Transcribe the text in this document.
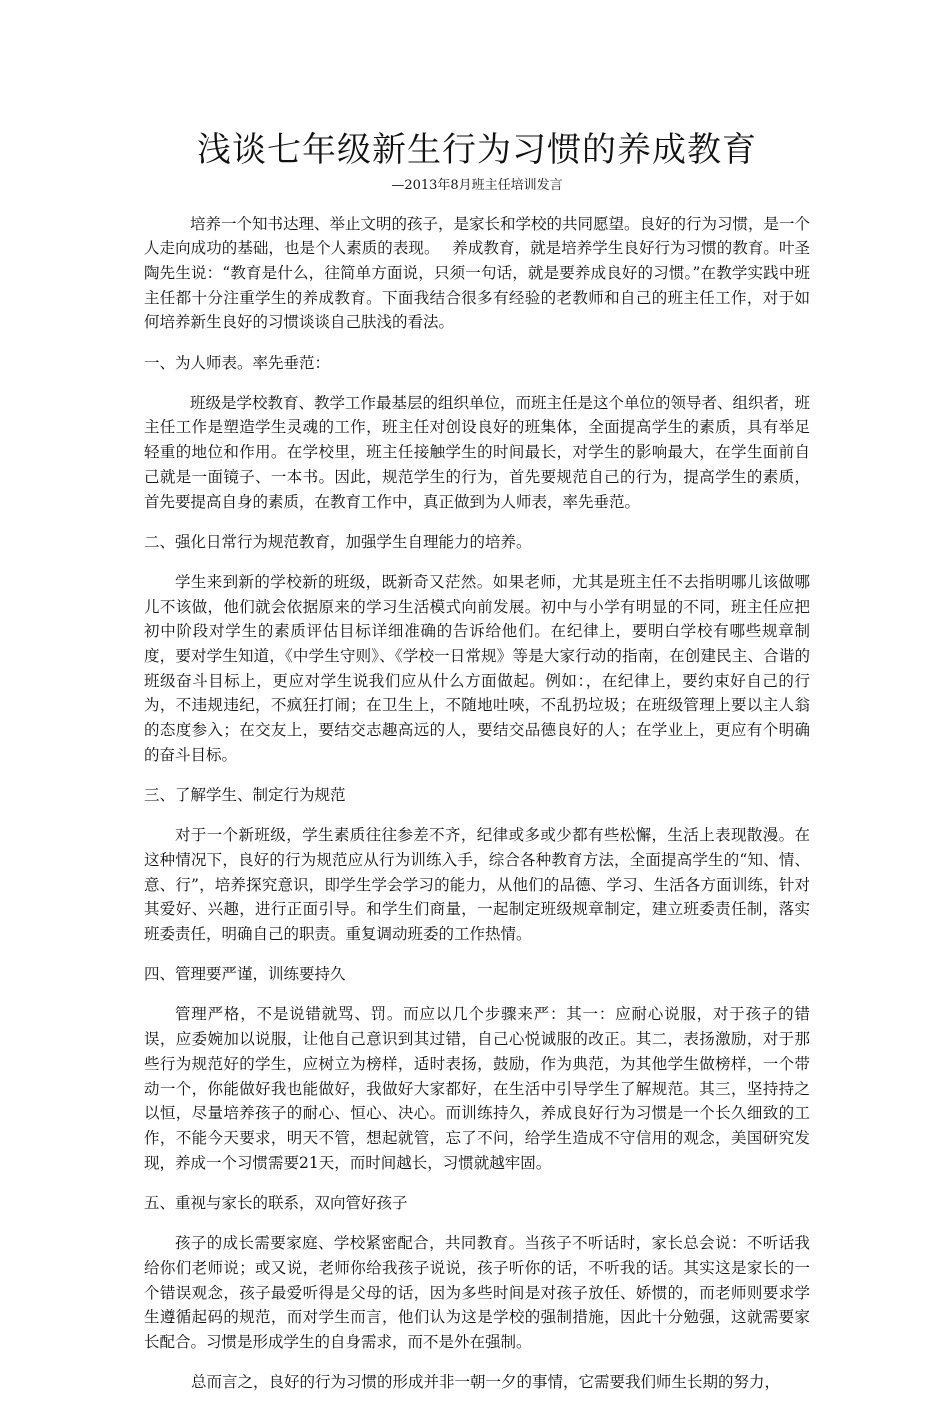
浅谈七年级新生行为习惯的养成教育

—2013年8月班主任培训发言

培养一个知书达理、举止文明的孩子，是家长和学校的共同愿望。良好的行为习惯，是一个人走向成功的基础，也是个人素质的表现。　 养成教育，就是培养学生良好行为习惯的教育。叶圣陶先生说：“教育是什么，往简单方面说，只须一句话，就是要养成良好的习惯。”在教学实践中班主任都十分注重学生的养成教育。下面我结合很多有经验的老教师和自己的班主任工作，对于如何培养新生良好的习惯谈谈自己肤浅的看法。

一、为人师表。率先垂范：

班级是学校教育、教学工作最基层的组织单位，而班主任是这个单位的领导者、组织者，班主任工作是塑造学生灵魂的工作，班主任对创设良好的班集体，全面提高学生的素质，具有举足轻重的地位和作用。在学校里，班主任接触学生的时间最长，对学生的影响最大，在学生面前自己就是一面镜子、一本书。因此，规范学生的行为，首先要规范自己的行为，提高学生的素质，首先要提高自身的素质，在教育工作中，真正做到为人师表，率先垂范。

二、强化日常行为规范教育，加强学生自理能力的培养。

学生来到新的学校新的班级，既新奇又茫然。如果老师，尤其是班主任不去指明哪儿该做哪儿不该做，他们就会依据原来的学习生活模式向前发展。初中与小学有明显的不同，班主任应把初中阶段对学生的素质评估目标详细准确的告诉给他们。在纪律上，要明白学校有哪些规章制度，要对学生知道，《中学生守则》、《学校一日常规》等是大家行动的指南，在创建民主、合谐的班级奋斗目标上，更应对学生说我们应从什么方面做起。例如：，在纪律上，要约束好自己的行为，不违规违纪，不疯狂打闹；在卫生上，不随地吐唊，不乱扔垃圾；在班级管理上要以主人翁的态度参入；在交友上，要结交志趣高远的人，要结交品德良好的人；在学业上，更应有个明确的奋斗目标。

三、了解学生、制定行为规范

对于一个新班级，学生素质往往参差不齐，纪律或多或少都有些松懈，生活上表现散漫。在这种情况下，良好的行为规范应从行为训练入手，综合各种教育方法，全面提高学生的“知、情、意、行”，培养探究意识，即学生学会学习的能力，从他们的品德、学习、生活各方面训练，针对其爱好、兴趣，进行正面引导。和学生们商量，一起制定班级规章制定，建立班委责任制，落实班委责任，明确自己的职责。重复调动班委的工作热情。

四、管理要严谨，训练要持久

管理严格，不是说错就骂、罚。而应以几个步骤来严：其一：应耐心说服，对于孩子的错误，应委婉加以说服，让他自己意识到其过错，自己心悦诚服的改正。其二，表扬激励，对于那些行为规范好的学生，应树立为榜样，适时表扬，鼓励，作为典范，为其他学生做榜样，一个带动一个，你能做好我也能做好，我做好大家都好，在生活中引导学生了解规范。其三，坚持持之以恒，尽量培养孩子的耐心、恒心、决心。而训练持久，养成良好行为习惯是一个长久细致的工作，不能今天要求，明天不管，想起就管，忘了不问，给学生造成不守信用的观念，美国研究发现，养成一个习惯需要21天，而时间越长，习惯就越牢固。

五、重视与家长的联系，双向管好孩子

孩子的成长需要家庭、学校紧密配合，共同教育。当孩子不听话时，家长总会说：不听话我给你们老师说；或又说，老师你给我孩子说说，孩子听你的话，不听我的话。其实这是家长的一个错误观念，孩子最爱听得是父母的话，因为多些时间是对孩子放任、娇惯的，而老师则要求学生遵循起码的规范，而对学生而言，他们认为这是学校的强制措施，因此十分勉强，这就需要家长配合。习惯是形成学生的自身需求，而不是外在强制。

总而言之，良好的行为习惯的形成并非一朝一夕的事情，它需要我们师生长期的努力，
